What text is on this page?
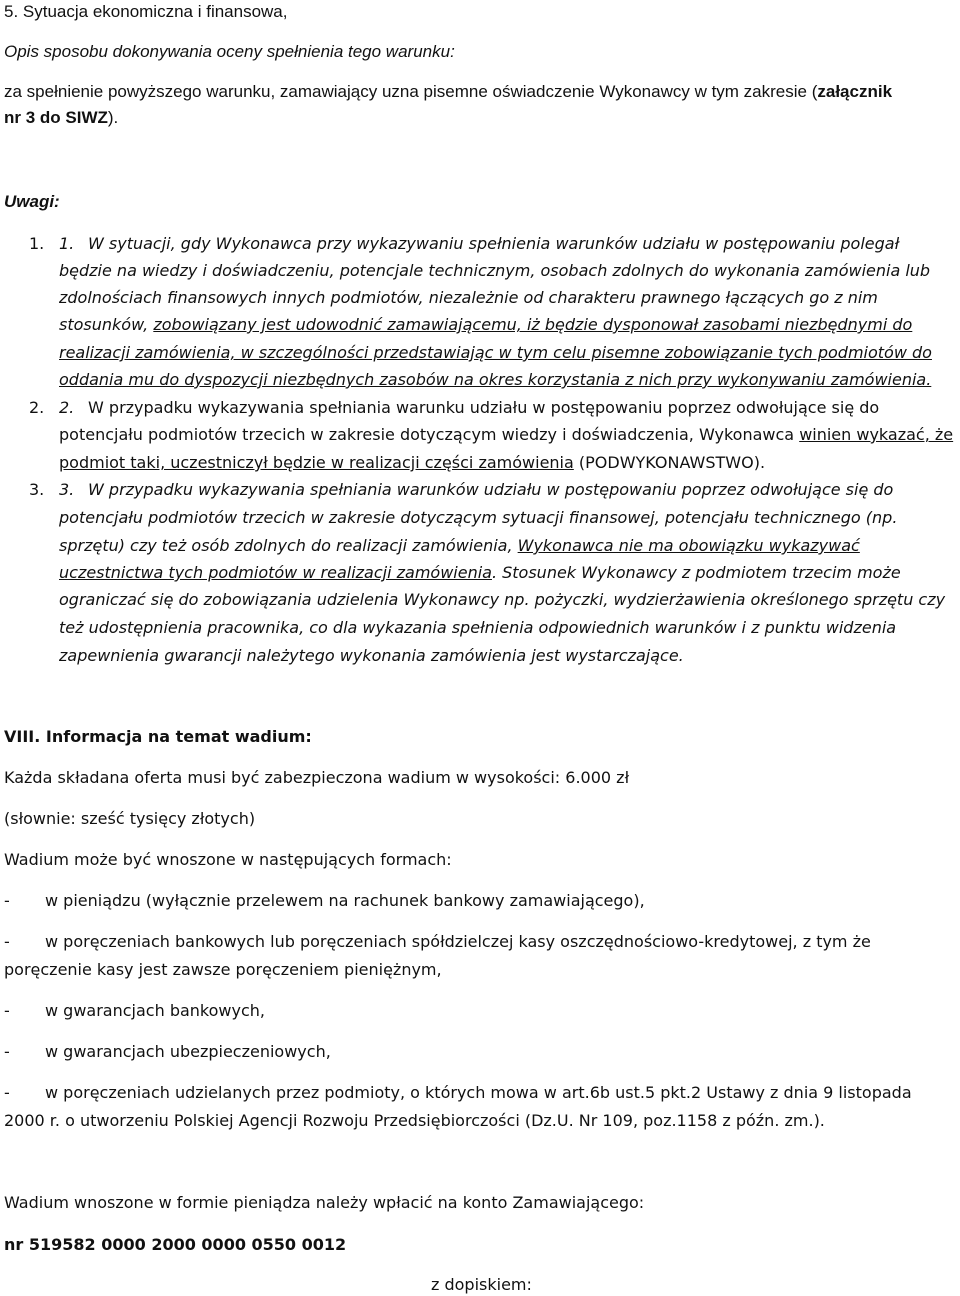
5. Sytuacja ekonomiczna i finansowa,
Opis sposobu dokonywania oceny spełnienia tego warunku:
za spełnienie powyższego warunku, zamawiający uzna pisemne oświadczenie Wykonawcy w tym zakresie (załącznik
nr 3 do SIWZ).
Uwagi:
1. 1. W sytuacji, gdy Wykonawca przy wykazywaniu spełnienia warunków udziału w postępowaniu polegał
będzie na wiedzy i doświadczeniu, potencjale technicznym, osobach zdolnych do wykonania zamówienia lub
zdolnościach finansowych innych podmiotów, niezależnie od charakteru prawnego łączących go z nim
stosunków, zobowiązany jest udowodnić zamawiającemu, iż będzie dysponował zasobami niezbędnymi do
realizacji zamówienia, w szczególności przedstawiając w tym celu pisemne zobowiązanie tych podmiotów do
oddania mu do dyspozycji niezbędnych zasobów na okres korzystania z nich przy wykonywaniu zamówienia.
2. 2. W przypadku wykazywania spełniania warunku udziału w postępowaniu poprzez odwołujące się do
potencjału podmiotów trzecich w zakresie dotyczącym wiedzy i doświadczenia, Wykonawca winien wykazać, że
podmiot taki, uczestniczył będzie w realizacji części zamówienia (PODWYKONAWSTWO).
3. 3. W przypadku wykazywania spełniania warunków udziału w postępowaniu poprzez odwołujące się do
potencjału podmiotów trzecich w zakresie dotyczącym sytuacji finansowej, potencjału technicznego (np.
sprzętu) czy też osób zdolnych do realizacji zamówienia, Wykonawca nie ma obowiązku wykazywać
uczestnictwa tych podmiotów w realizacji zamówienia. Stosunek Wykonawcy z podmiotem trzecim może
ograniczać się do zobowiązania udzielenia Wykonawcy np. pożyczki, wydzierżawienia określonego sprzętu czy
też udostępnienia pracownika, co dla wykazania spełnienia odpowiednich warunków i z punktu widzenia
zapewnienia gwarancji należytego wykonania zamówienia jest wystarczające.
VIII. Informacja na temat wadium:
Każda składana oferta musi być zabezpieczona wadium w wysokości: 6.000 zł
(słownie: sześć tysięcy złotych)
Wadium może być wnoszone w następujących formach:
- w pieniądzu (wyłącznie przelewem na rachunek bankowy zamawiającego),
- w poręczeniach bankowych lub poręczeniach spółdzielczej kasy oszczędnościowo-kredytowej, z tym że
poręczenie kasy jest zawsze poręczeniem pieniężnym,
- w gwarancjach bankowych,
- w gwarancjach ubezpieczeniowych,
- w poręczeniach udzielanych przez podmioty, o których mowa w art.6b ust.5 pkt.2 Ustawy z dnia 9 listopada
2000 r. o utworzeniu Polskiej Agencji Rozwoju Przedsiębiorczości (Dz.U. Nr 109, poz.1158 z późn. zm.).
Wadium wnoszone w formie pieniądza należy wpłacić na konto Zamawiającego:
nr 519582 0000 2000 0000 0550 0012
z dopiskiem:
